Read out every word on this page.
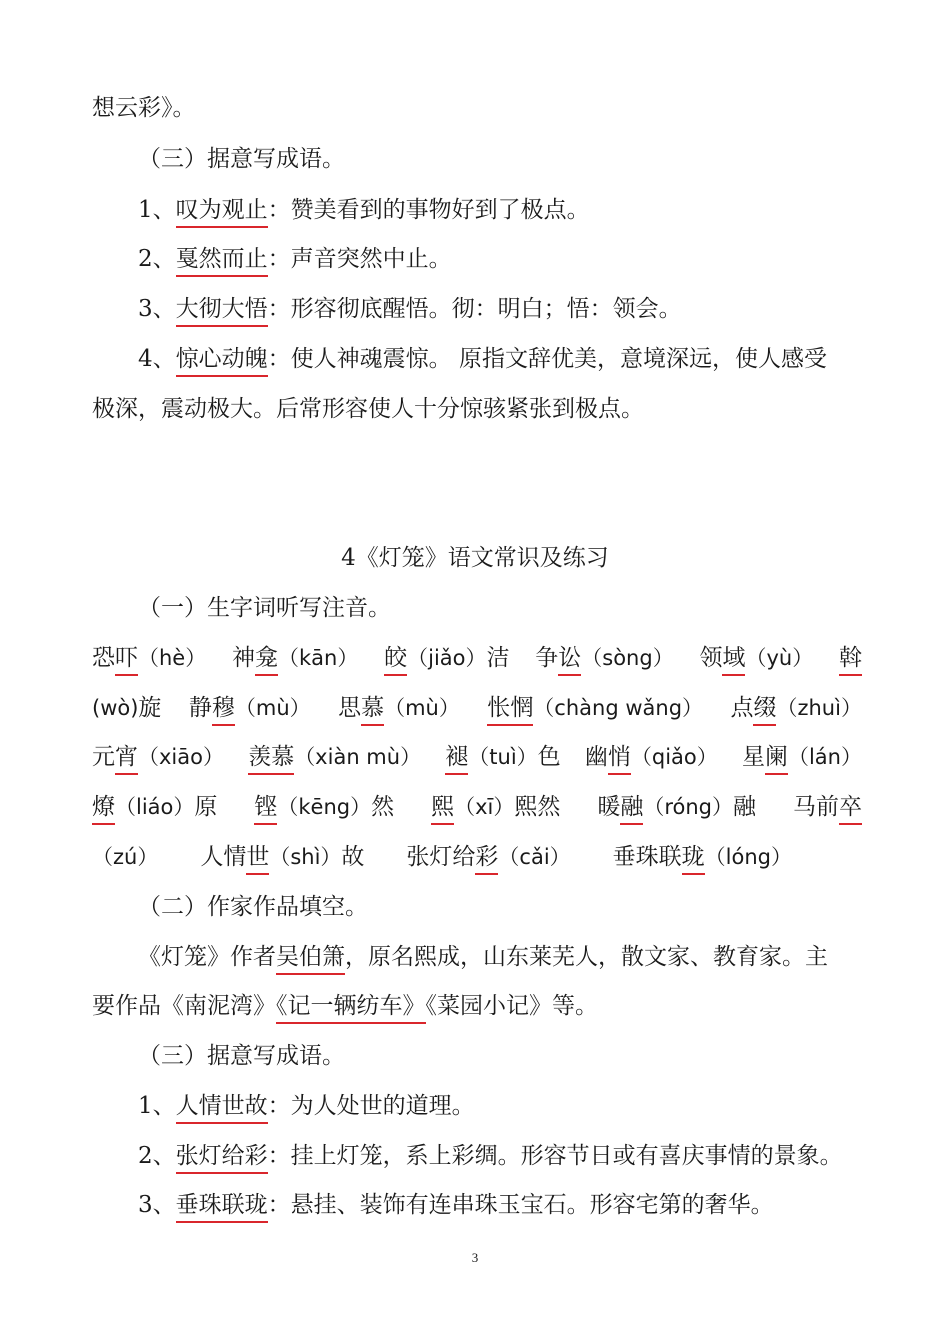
想云彩》。
（三）据意写成语。
1、叹为观止：赞美看到的事物好到了极点。
2、戛然而止：声音突然中止。
3、大彻大悟：形容彻底醒悟。彻：明白；悟：领会。
4、惊心动魄：使人神魂震惊。 原指文辞优美，意境深远，使人感受
极深，震动极大。后常形容使人十分惊骇紧张到极点。
4《灯笼》语文常识及练习
（一）生字词听写注音。
恐吓（hè） 神龛（kān） 皎（jiǎo）洁 争讼（sòng） 领域（yù） 斡
(wò)旋 静穆（mù） 思慕（mù） 怅惘（chàng wǎng） 点缀（zhuì）
元宵（xiāo） 羡慕（xiàn mù） 褪（tuì）色 幽悄（qiǎo） 星阑（lán）
燎（liáo）原 铿（kēng）然 熙（xī）熙然 暖融（róng）融 马前卒
（zú） 人情世（shì）故 张灯给彩（cǎi） 垂珠联珑（lóng）
（二）作家作品填空。
《灯笼》作者吴伯箫，原名熙成，山东莱芜人，散文家、教育家。主
要作品《南泥湾》《记一辆纺车》《菜园小记》等。
（三）据意写成语。
1、人情世故：为人处世的道理。
2、张灯给彩：挂上灯笼，系上彩绸。形容节日或有喜庆事情的景象。
3、垂珠联珑：悬挂、装饰有连串珠玉宝石。形容宅第的奢华。
3
